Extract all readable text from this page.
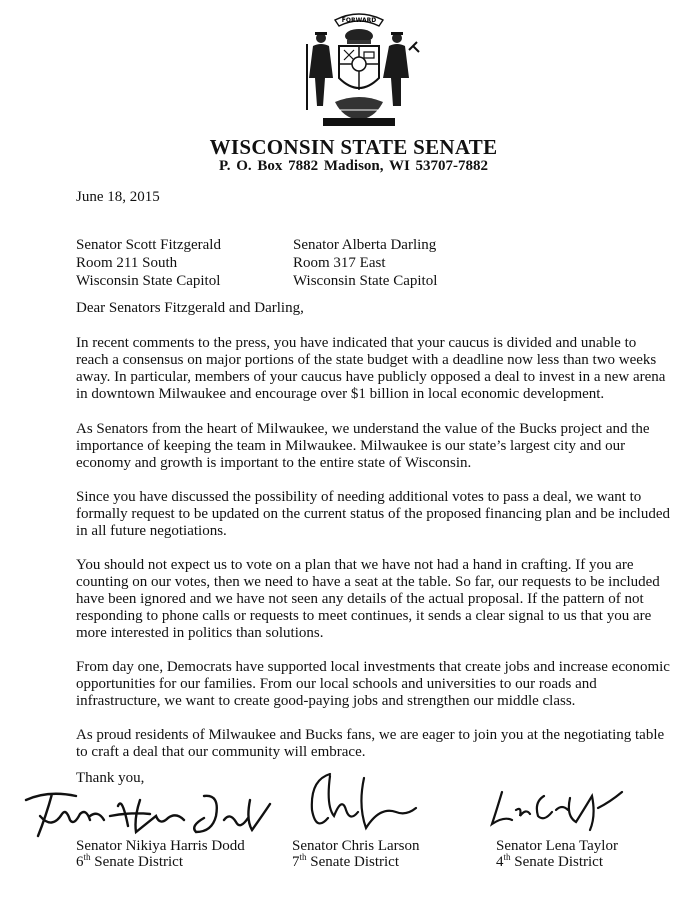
FORWARD
WISCONSIN STATE SENATE
P. O. Box 7882 Madison, WI 53707-7882
June 18, 2015
Senator Scott Fitzgerald
Room 211 South
Wisconsin State Capitol
Senator Alberta Darling
Room 317 East
Wisconsin State Capitol
Dear Senators Fitzgerald and Darling,

In recent comments to the press, you have indicated that your caucus is divided and unable to reach a consensus on major portions of the state budget with a deadline now less than two weeks away. In particular, members of your caucus have publicly opposed a deal to invest in a new arena in downtown Milwaukee and encourage over $1 billion in local economic development.

As Senators from the heart of Milwaukee, we understand the value of the Bucks project and the importance of keeping the team in Milwaukee. Milwaukee is our state’s largest city and our economy and growth is important to the entire state of Wisconsin.

Since you have discussed the possibility of needing additional votes to pass a deal, we want to formally request to be updated on the current status of the proposed financing plan and be included in all future negotiations.

You should not expect us to vote on a plan that we have not had a hand in crafting. If you are counting on our votes, then we need to have a seat at the table. So far, our requests to be included have been ignored and we have not seen any details of the actual proposal. If the pattern of not responding to phone calls or requests to meet continues, it sends a clear signal to us that you are more interested in politics than solutions.

From day one, Democrats have supported local investments that create jobs and increase economic opportunities for our families. From our local schools and universities to our roads and infrastructure, we want to create good-paying jobs and strengthen our middle class.

As proud residents of Milwaukee and Bucks fans, we are eager to join you at the negotiating table to craft a deal that our community will embrace.

Thank you,
Senator Nikiya Harris Dodd
6th Senate District
Senator Chris Larson
7th Senate District
Senator Lena Taylor
4th Senate District
